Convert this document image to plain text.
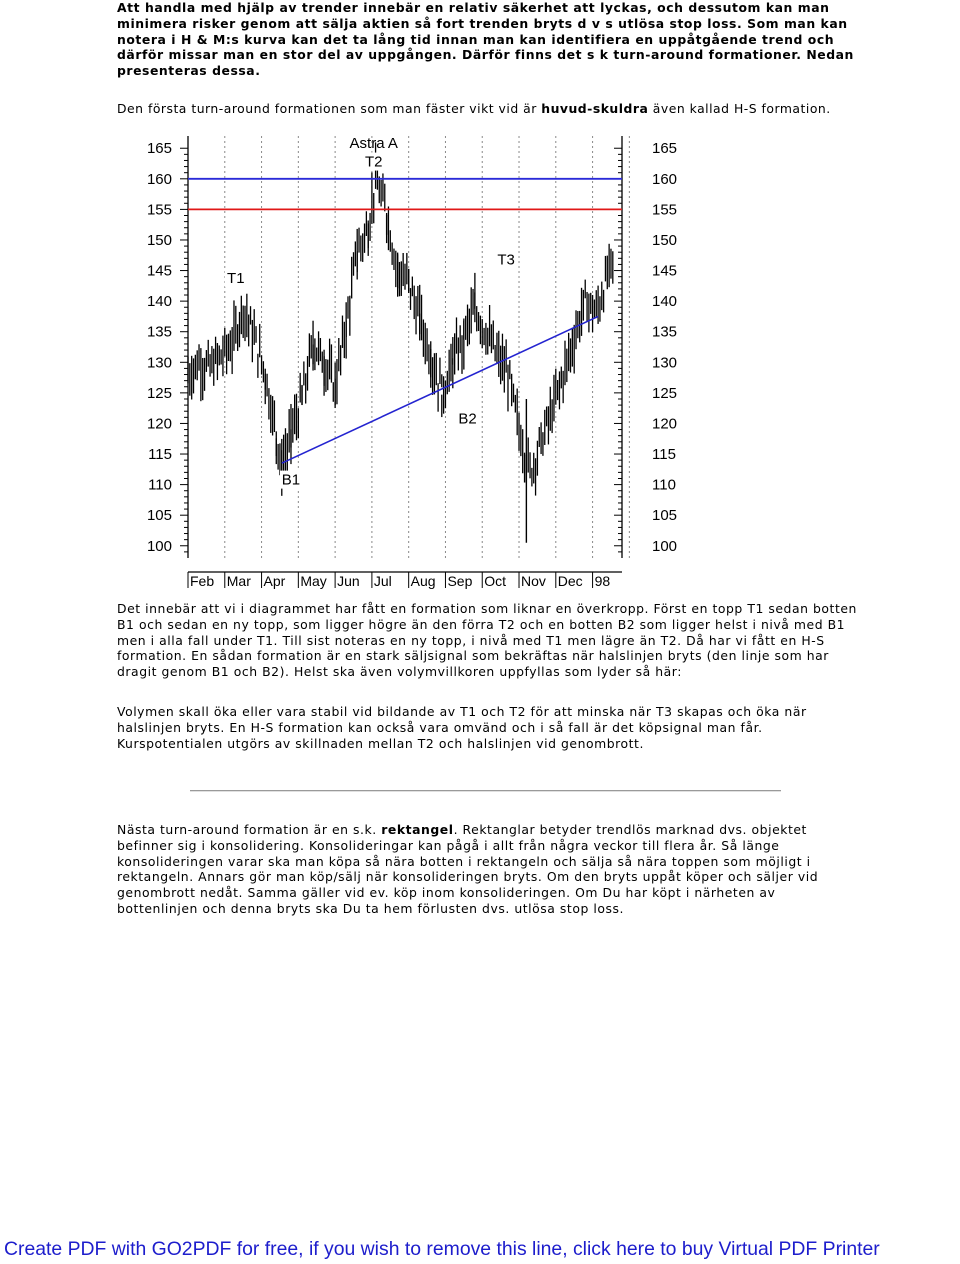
Att handla med hjälp av trender innebär en relativ säkerhet att lyckas, och dessutom kan man minimera risker genom att sälja aktien så fort trenden bryts d v s utlösa stop loss. Som man kan notera i H & M:s kurva kan det ta lång tid innan man kan identifiera en uppåtgående trend och därför missar man en stor del av uppgången. Därför finns det s k turn-around formationer. Nedan presenteras dessa.

Den första turn-around formationen som man fäster vikt vid är huvud-skuldra även kallad H-S formation.

Astra A
165	165
160	160
155	155
150	150
145	145
140	140
135	135
130	130
125	125
120	120
115	115
110	110
105	105
100	100
Feb Mar Apr May Jun Jul Aug Sep Oct Nov Dec 98
T1
T2
T3
B1
B2

Det innebär att vi i diagrammet har fått en formation som liknar en överkropp. Först en topp T1 sedan botten B1 och sedan en ny topp, som ligger högre än den förra T2 och en botten B2 som ligger helst i nivå med B1 men i alla fall under T1. Till sist noteras en ny topp, i nivå med T1 men lägre än T2. Då har vi fått en H-S formation. En sådan formation är en stark säljsignal som bekräftas när halslinjen bryts (den linje som har dragit genom B1 och B2). Helst ska även volymvillkoren uppfyllas som lyder så här:

Volymen skall öka eller vara stabil vid bildande av T1 och T2 för att minska när T3 skapas och öka när halslinjen bryts. En H-S formation kan också vara omvänd och i så fall är det köpsignal man får. Kurspotentialen utgörs av skillnaden mellan T2 och halslinjen vid genombrott.

Nästa turn-around formation är en s.k. rektangel. Rektanglar betyder trendlös marknad dvs. objektet befinner sig i konsolidering. Konsolideringar kan pågå i allt från några veckor till flera år. Så länge konsolideringen varar ska man köpa så nära botten i rektangeln och sälja så nära toppen som möjligt i rektangeln. Annars gör man köp/sälj när konsolideringen bryts. Om den bryts uppåt köper och säljer vid genombrott nedåt. Samma gäller vid ev. köp inom konsolideringen. Om Du har köpt i närheten av bottenlinjen och denna bryts ska Du ta hem förlusten dvs. utlösa stop loss.

Create PDF with GO2PDF for free, if you wish to remove this line, click here to buy Virtual PDF Printer
